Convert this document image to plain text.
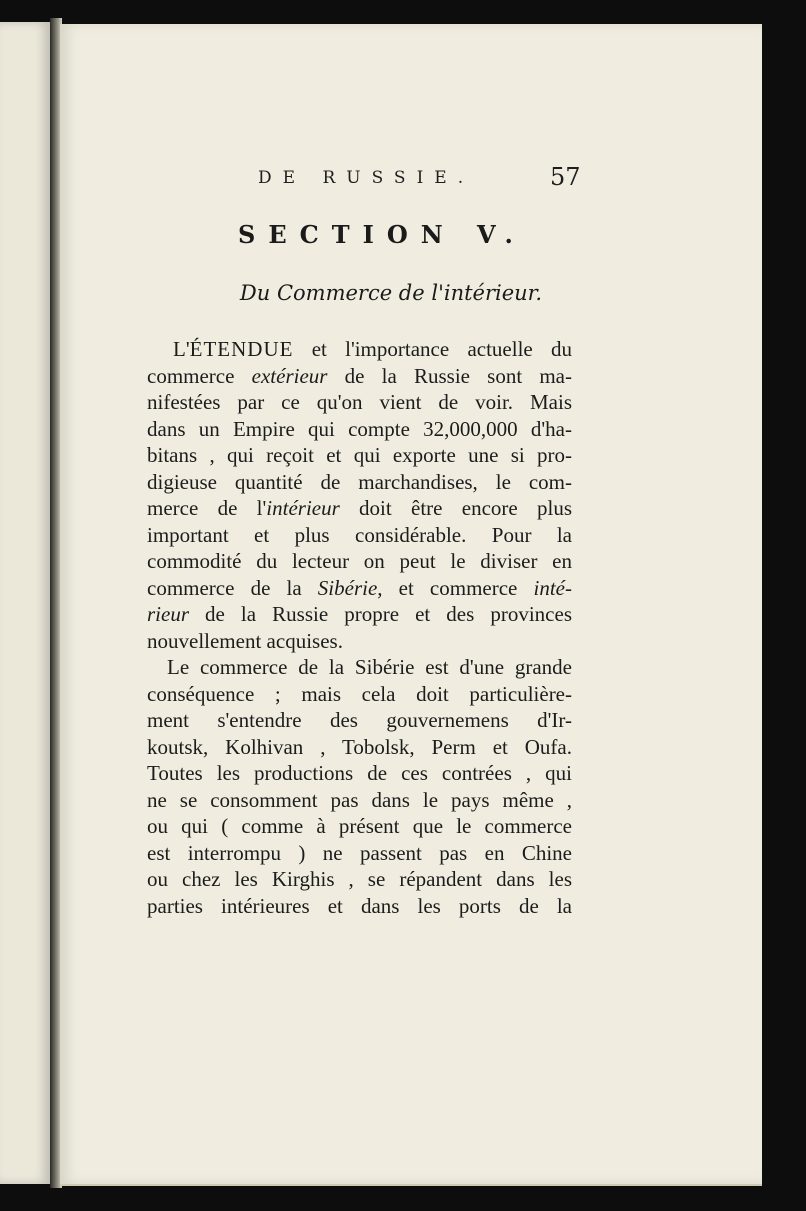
DE RUSSIE.	57
SECTION V.
Du Commerce de l'intérieur.
L'ÉTENDUE et l'importance actuelle du
commerce extérieur de la Russie sont ma-
nifestées par ce qu'on vient de voir. Mais
dans un Empire qui compte 32,000,000 d'ha-
bitans , qui reçoit et qui exporte une si pro-
digieuse quantité de marchandises, le com-
merce de l'intérieur doit être encore plus
important et plus considérable. Pour la
commodité du lecteur on peut le diviser en
commerce de la Sibérie, et commerce inté-
rieur de la Russie propre et des provinces
nouvellement acquises.
Le commerce de la Sibérie est d'une grande
conséquence ; mais cela doit particulière-
ment s'entendre des gouvernemens d'Ir-
koutsk, Kolhivan , Tobolsk, Perm et Oufa.
Toutes les productions de ces contrées , qui
ne se consomment pas dans le pays même ,
ou qui ( comme à présent que le commerce
est interrompu ) ne passent pas en Chine
ou chez les Kirghis , se répandent dans les
parties intérieures et dans les ports de la
